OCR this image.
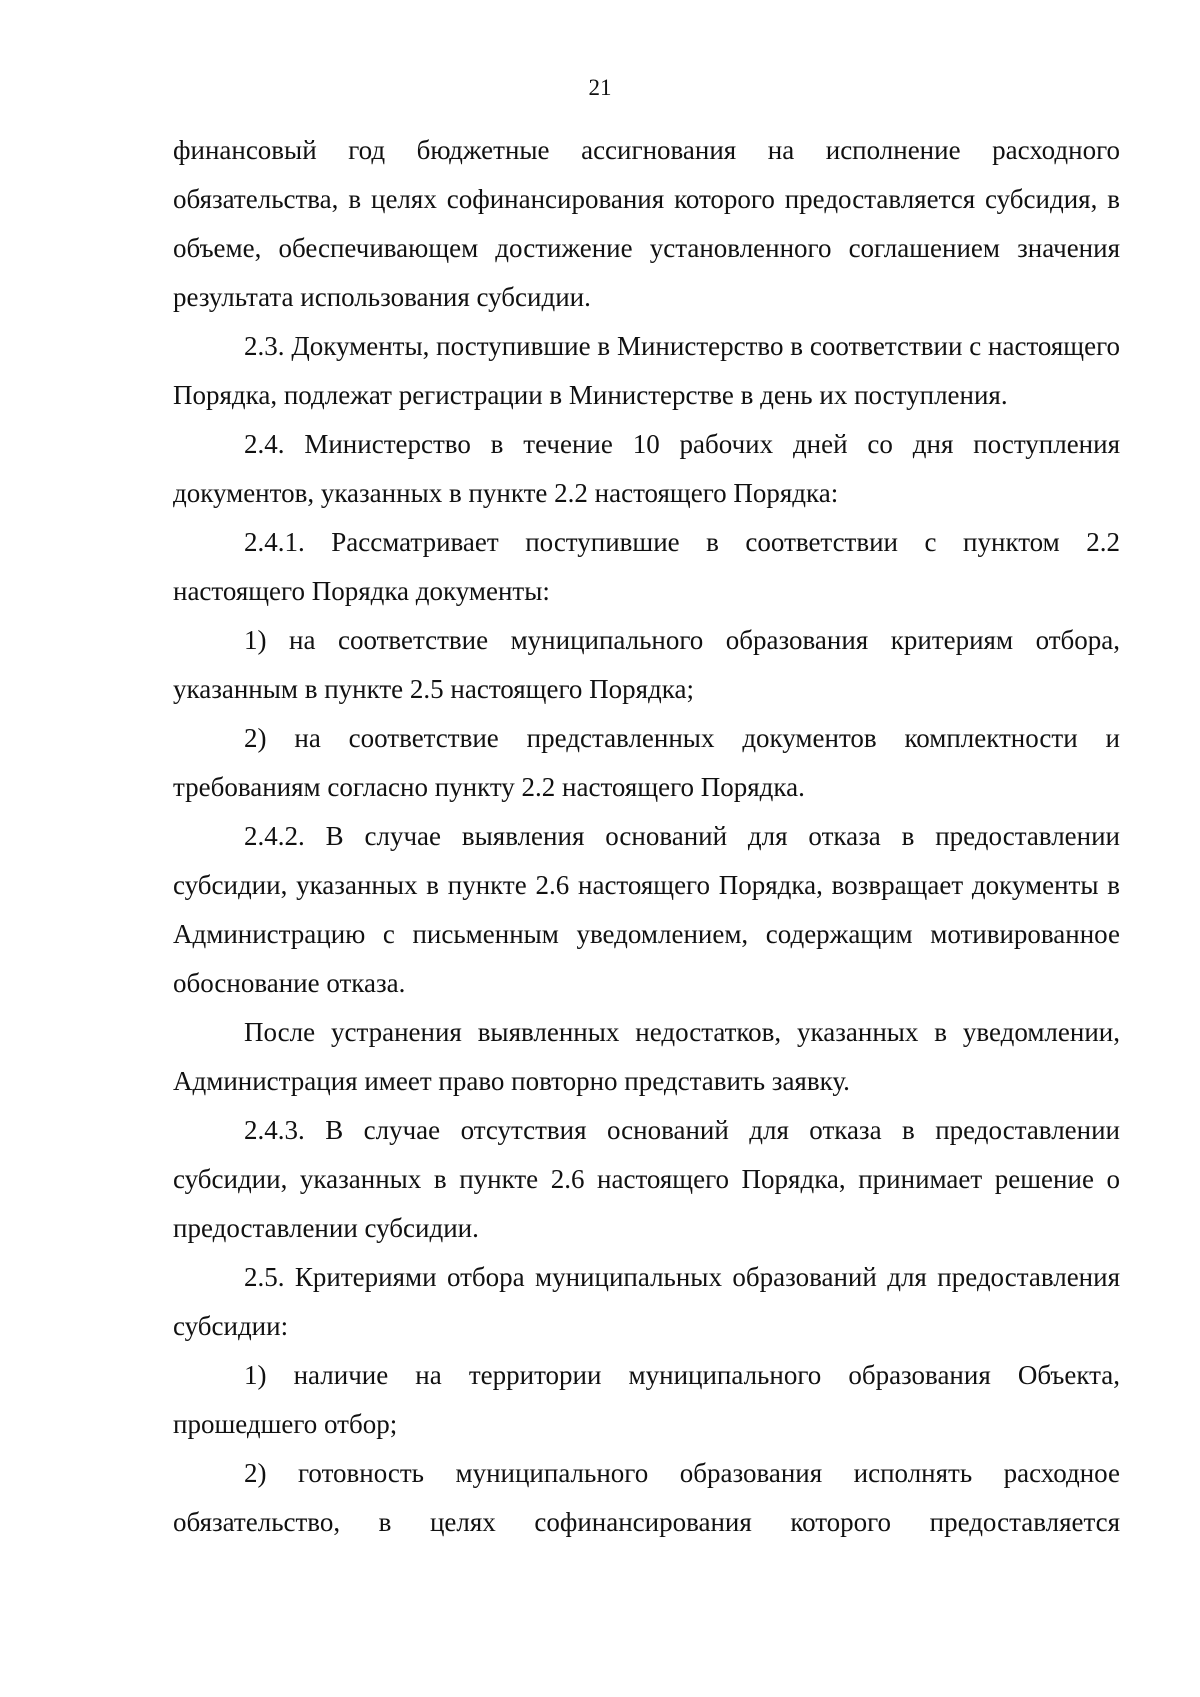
21

финансовый год бюджетные ассигнования на исполнение расходного обязательства, в целях софинансирования которого предоставляется субсидия, в объеме, обеспечивающем достижение установленного соглашением значения результата использования субсидии.

2.3. Документы, поступившие в Министерство в соответствии с настоящего Порядка, подлежат регистрации в Министерстве в день их поступления.

2.4. Министерство в течение 10 рабочих дней со дня поступления документов, указанных в пункте 2.2 настоящего Порядка:

2.4.1. Рассматривает поступившие в соответствии с пунктом 2.2 настоящего Порядка документы:

1) на соответствие муниципального образования критериям отбора, указанным в пункте 2.5 настоящего Порядка;

2) на соответствие представленных документов комплектности и требованиям согласно пункту 2.2 настоящего Порядка.

2.4.2. В случае выявления оснований для отказа в предоставлении субсидии, указанных в пункте 2.6 настоящего Порядка, возвращает документы в Администрацию с письменным уведомлением, содержащим мотивированное обоснование отказа.

После устранения выявленных недостатков, указанных в уведомлении, Администрация имеет право повторно представить заявку.

2.4.3. В случае отсутствия оснований для отказа в предоставлении субсидии, указанных в пункте 2.6 настоящего Порядка, принимает решение о предоставлении субсидии.

2.5. Критериями отбора муниципальных образований для предоставления субсидии:

1) наличие на территории муниципального образования Объекта, прошедшего отбор;

2) готовность муниципального образования исполнять расходное обязательство, в целях софинансирования которого предоставляется
